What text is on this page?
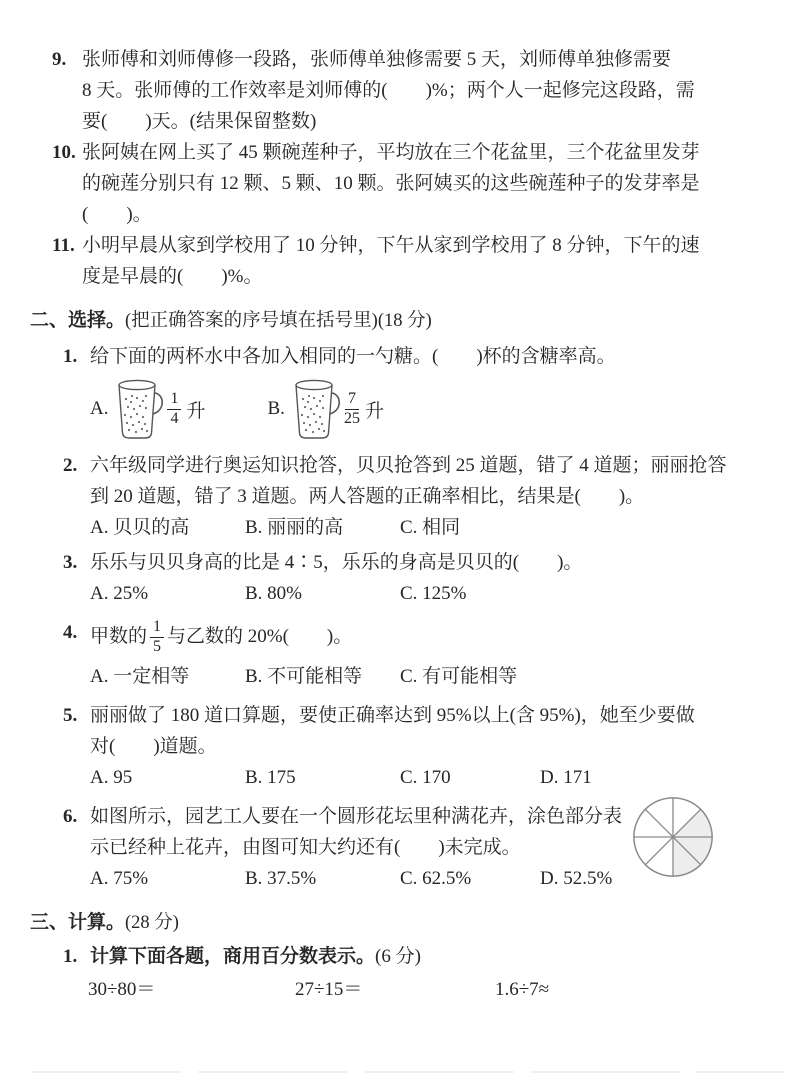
9. 张师傅和刘师傅修一段路，张师傅单独修需要 5 天，刘师傅单独修需要
8 天。张师傅的工作效率是刘师傅的(　　)%；两个人一起修完这段路，需
要(　　)天。(结果保留整数)
10. 张阿姨在网上买了 45 颗碗莲种子，平均放在三个花盆里，三个花盆里发芽
的碗莲分别只有 12 颗、5 颗、10 颗。张阿姨买的这些碗莲种子的发芽率是
(　　)。
11. 小明早晨从家到学校用了 10 分钟，下午从家到学校用了 8 分钟，下午的速
度是早晨的(　　)%。
二、选择。(把正确答案的序号填在括号里)(18 分)
1. 给下面的两杯水中各加入相同的一勺糖。(　　)杯的含糖率高。
A.	$\frac{1}{4}$ 升	B.	$\frac{7}{25}$ 升
2. 六年级同学进行奥运知识抢答，贝贝抢答到 25 道题，错了 4 道题；丽丽抢答
到 20 道题，错了 3 道题。两人答题的正确率相比，结果是(　　)。
A. 贝贝的高	B. 丽丽的高	C. 相同
3. 乐乐与贝贝身高的比是 4∶5，乐乐的身高是贝贝的(　　)。
A. 25%	B. 80%	C. 125%
4. 甲数的 $\frac{1}{5}$ 与乙数的 20%(　　)。
A. 一定相等	B. 不可能相等	C. 有可能相等
5. 丽丽做了 180 道口算题，要使正确率达到 95%以上(含 95%)，她至少要做
对(　　)道题。
A. 95	B. 175	C. 170	D. 171
6. 如图所示，园艺工人要在一个圆形花坛里种满花卉，涂色部分表
示已经种上花卉，由图可知大约还有(　　)未完成。
A. 75%	B. 37.5%	C. 62.5%	D. 52.5%
三、计算。(28 分)
1. 计算下面各题，商用百分数表示。(6 分)
30÷80＝	27÷15＝	1.6÷7≈
